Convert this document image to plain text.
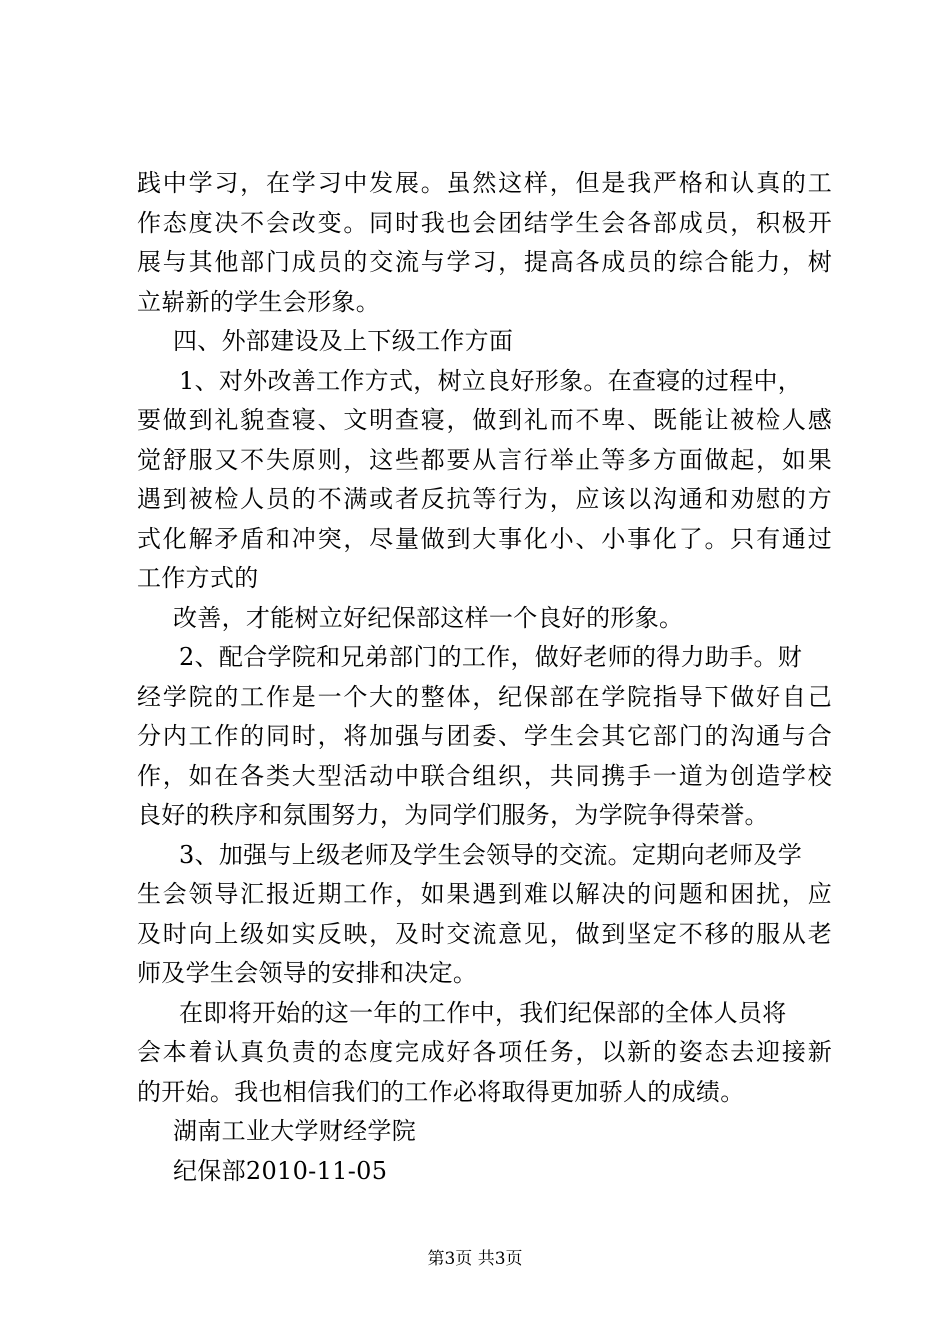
践中学习，在学习中发展。虽然这样，但是我严格和认真的工
作态度决不会改变。同时我也会团结学生会各部成员，积极开
展与其他部门成员的交流与学习，提高各成员的综合能力，树
立崭新的学生会形象。
四、外部建设及上下级工作方面
1、对外改善工作方式，树立良好形象。在查寝的过程中，
要做到礼貌查寝、文明查寝，做到礼而不卑、既能让被检人感
觉舒服又不失原则，这些都要从言行举止等多方面做起，如果
遇到被检人员的不满或者反抗等行为，应该以沟通和劝慰的方
式化解矛盾和冲突，尽量做到大事化小、小事化了。只有通过
工作方式的
改善，才能树立好纪保部这样一个良好的形象。
2、配合学院和兄弟部门的工作，做好老师的得力助手。财
经学院的工作是一个大的整体，纪保部在学院指导下做好自己
分内工作的同时，将加强与团委、学生会其它部门的沟通与合
作，如在各类大型活动中联合组织，共同携手一道为创造学校
良好的秩序和氛围努力，为同学们服务，为学院争得荣誉。
3、加强与上级老师及学生会领导的交流。定期向老师及学
生会领导汇报近期工作，如果遇到难以解决的问题和困扰，应
及时向上级如实反映，及时交流意见，做到坚定不移的服从老
师及学生会领导的安排和决定。
在即将开始的这一年的工作中，我们纪保部的全体人员将
会本着认真负责的态度完成好各项任务，以新的姿态去迎接新
的开始。我也相信我们的工作必将取得更加骄人的成绩。
湖南工业大学财经学院
纪保部2010-11-05
第3页 共3页
